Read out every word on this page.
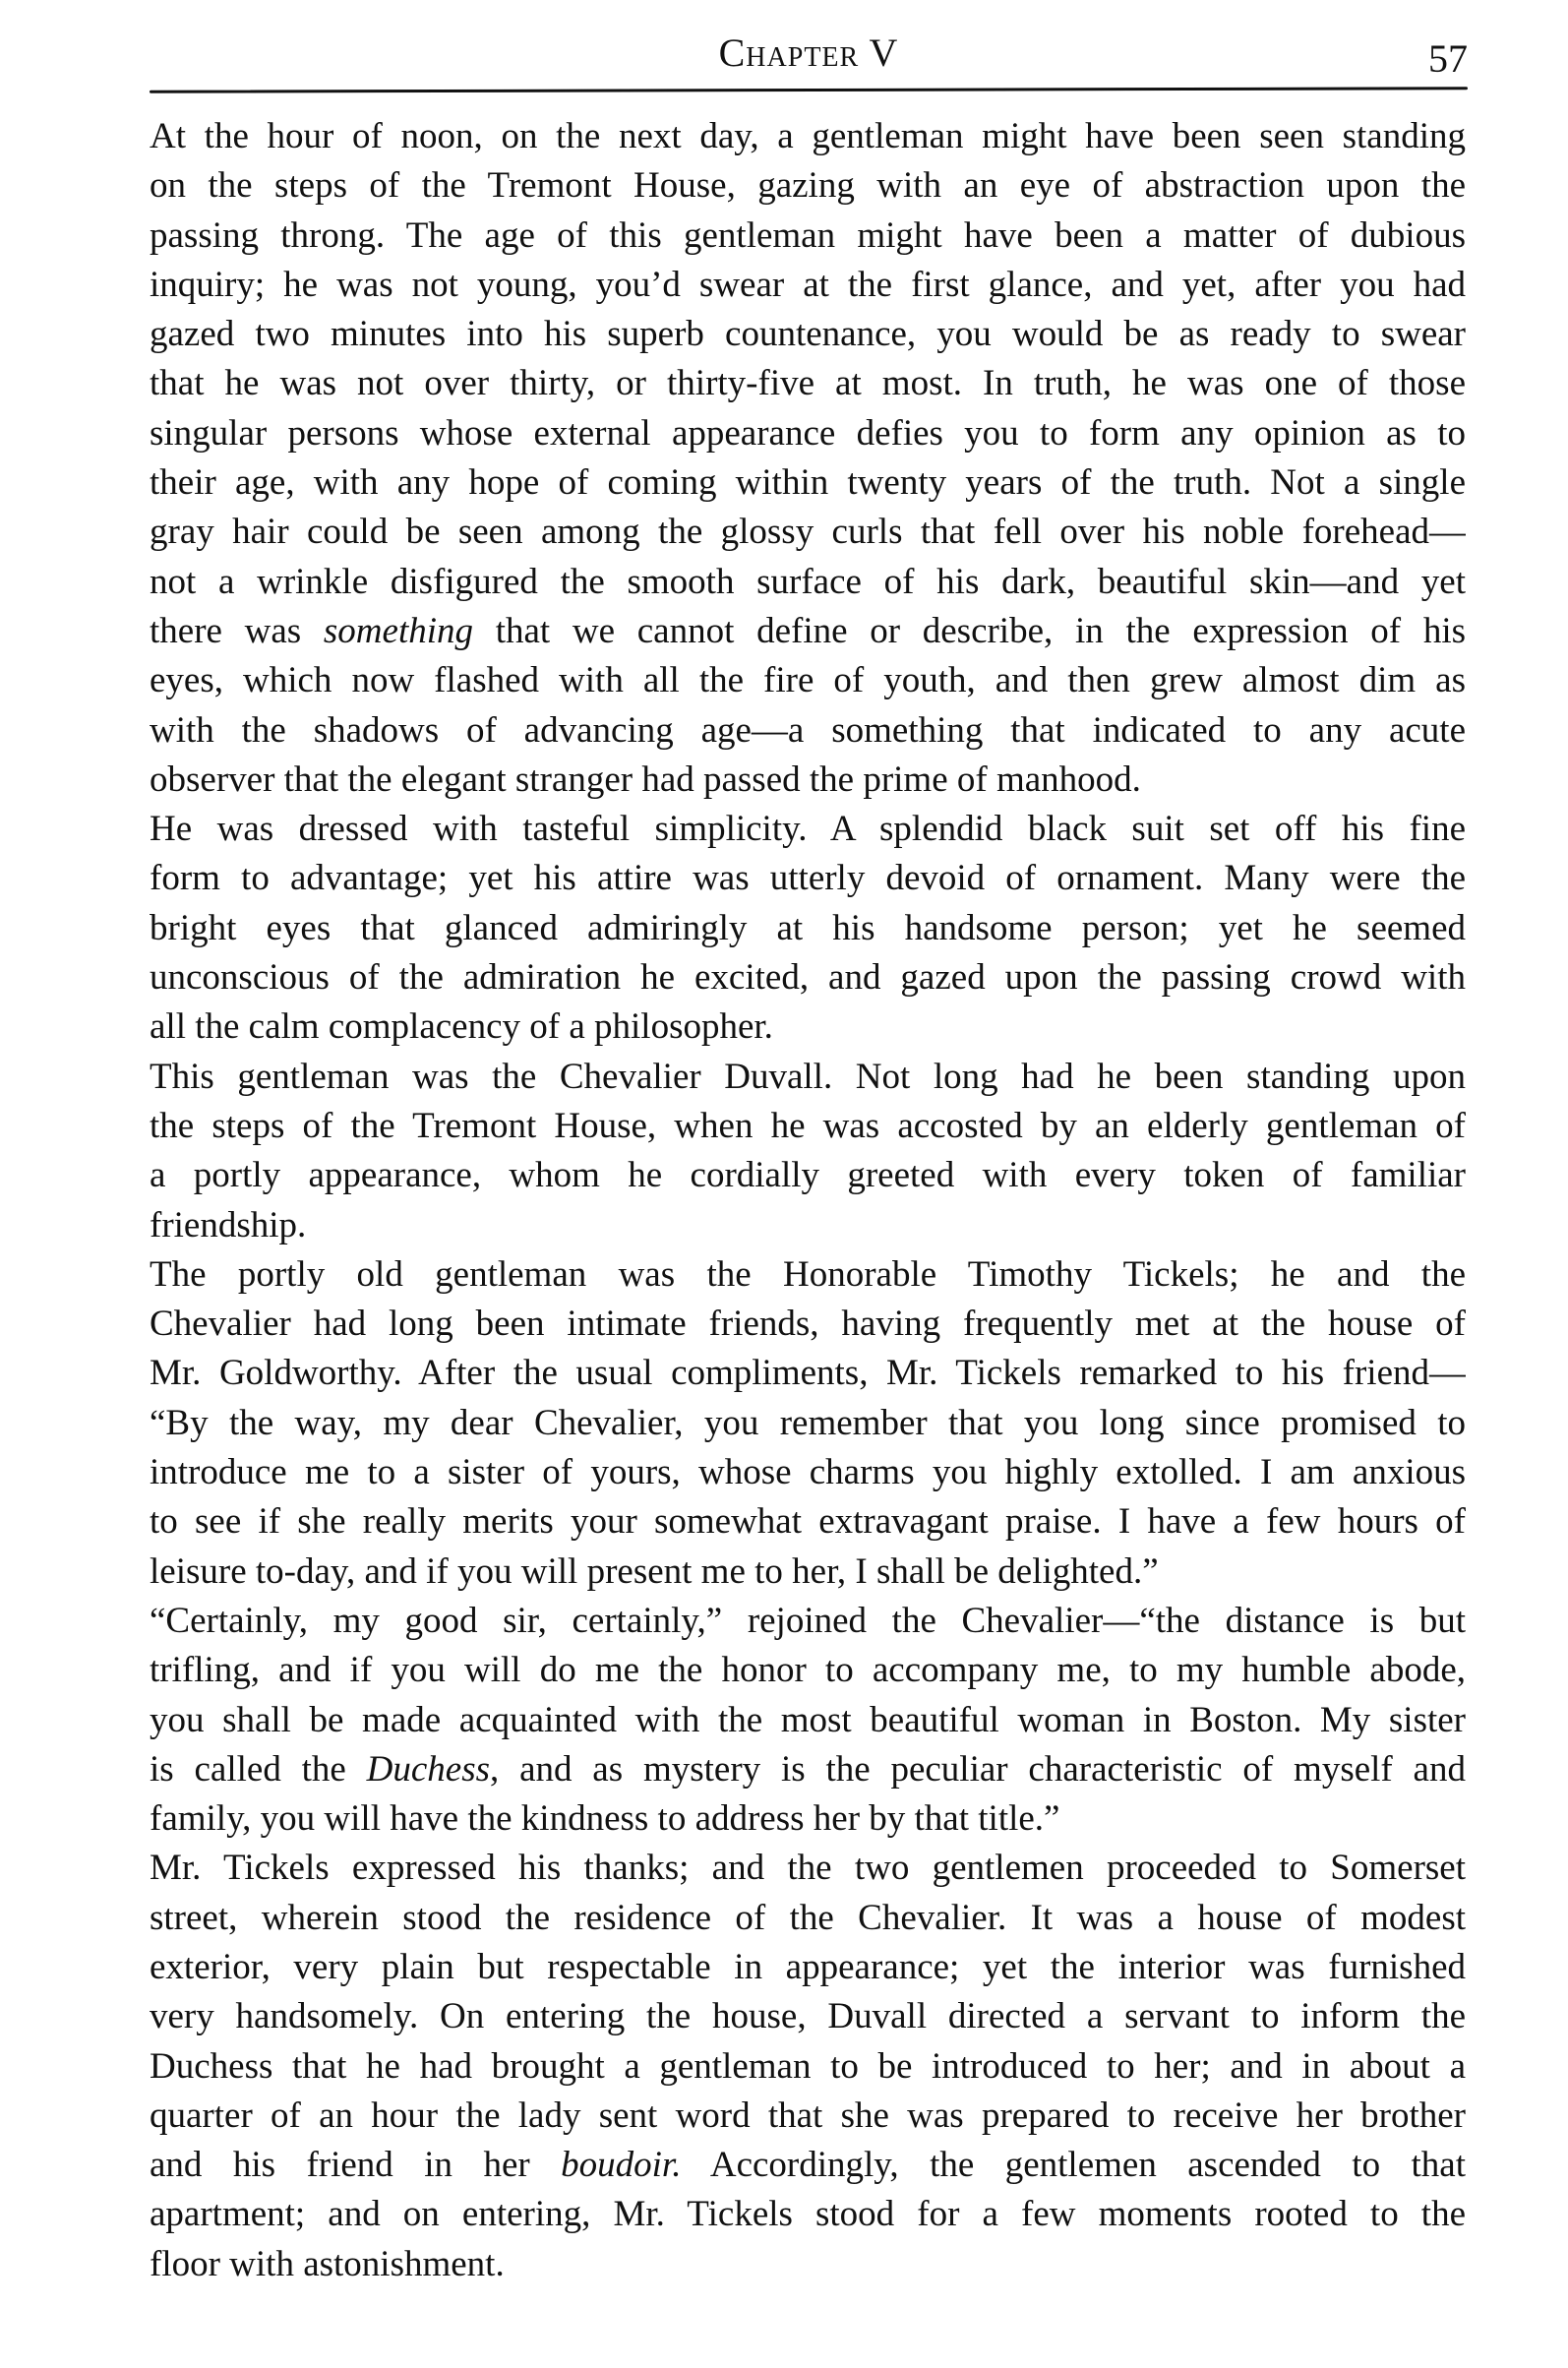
Chapter V	57
At the hour of noon, on the next day, a gentleman might have been seen standing
on the steps of the Tremont House, gazing with an eye of abstraction upon the
passing throng. The age of this gentleman might have been a matter of dubious
inquiry; he was not young, you’d swear at the first glance, and yet, after you had
gazed two minutes into his superb countenance, you would be as ready to swear
that he was not over thirty, or thirty-five at most. In truth, he was one of those
singular persons whose external appearance defies you to form any opinion as to
their age, with any hope of coming within twenty years of the truth. Not a single
gray hair could be seen among the glossy curls that fell over his noble forehead—
not a wrinkle disfigured the smooth surface of his dark, beautiful skin—and yet
there was something that we cannot define or describe, in the expression of his
eyes, which now flashed with all the fire of youth, and then grew almost dim as
with the shadows of advancing age—a something that indicated to any acute
observer that the elegant stranger had passed the prime of manhood.
He was dressed with tasteful simplicity. A splendid black suit set off his fine
form to advantage; yet his attire was utterly devoid of ornament. Many were the
bright eyes that glanced admiringly at his handsome person; yet he seemed
unconscious of the admiration he excited, and gazed upon the passing crowd with
all the calm complacency of a philosopher.
This gentleman was the Chevalier Duvall. Not long had he been standing upon
the steps of the Tremont House, when he was accosted by an elderly gentleman of
a portly appearance, whom he cordially greeted with every token of familiar
friendship.
The portly old gentleman was the Honorable Timothy Tickels; he and the
Chevalier had long been intimate friends, having frequently met at the house of
Mr. Goldworthy. After the usual compliments, Mr. Tickels remarked to his friend—
“By the way, my dear Chevalier, you remember that you long since promised to
introduce me to a sister of yours, whose charms you highly extolled. I am anxious
to see if she really merits your somewhat extravagant praise. I have a few hours of
leisure to-day, and if you will present me to her, I shall be delighted.”
“Certainly, my good sir, certainly,” rejoined the Chevalier—“the distance is but
trifling, and if you will do me the honor to accompany me, to my humble abode,
you shall be made acquainted with the most beautiful woman in Boston. My sister
is called the Duchess, and as mystery is the peculiar characteristic of myself and
family, you will have the kindness to address her by that title.”
Mr. Tickels expressed his thanks; and the two gentlemen proceeded to Somerset
street, wherein stood the residence of the Chevalier. It was a house of modest
exterior, very plain but respectable in appearance; yet the interior was furnished
very handsomely. On entering the house, Duvall directed a servant to inform the
Duchess that he had brought a gentleman to be introduced to her; and in about a
quarter of an hour the lady sent word that she was prepared to receive her brother
and his friend in her boudoir. Accordingly, the gentlemen ascended to that
apartment; and on entering, Mr. Tickels stood for a few moments rooted to the
floor with astonishment.
